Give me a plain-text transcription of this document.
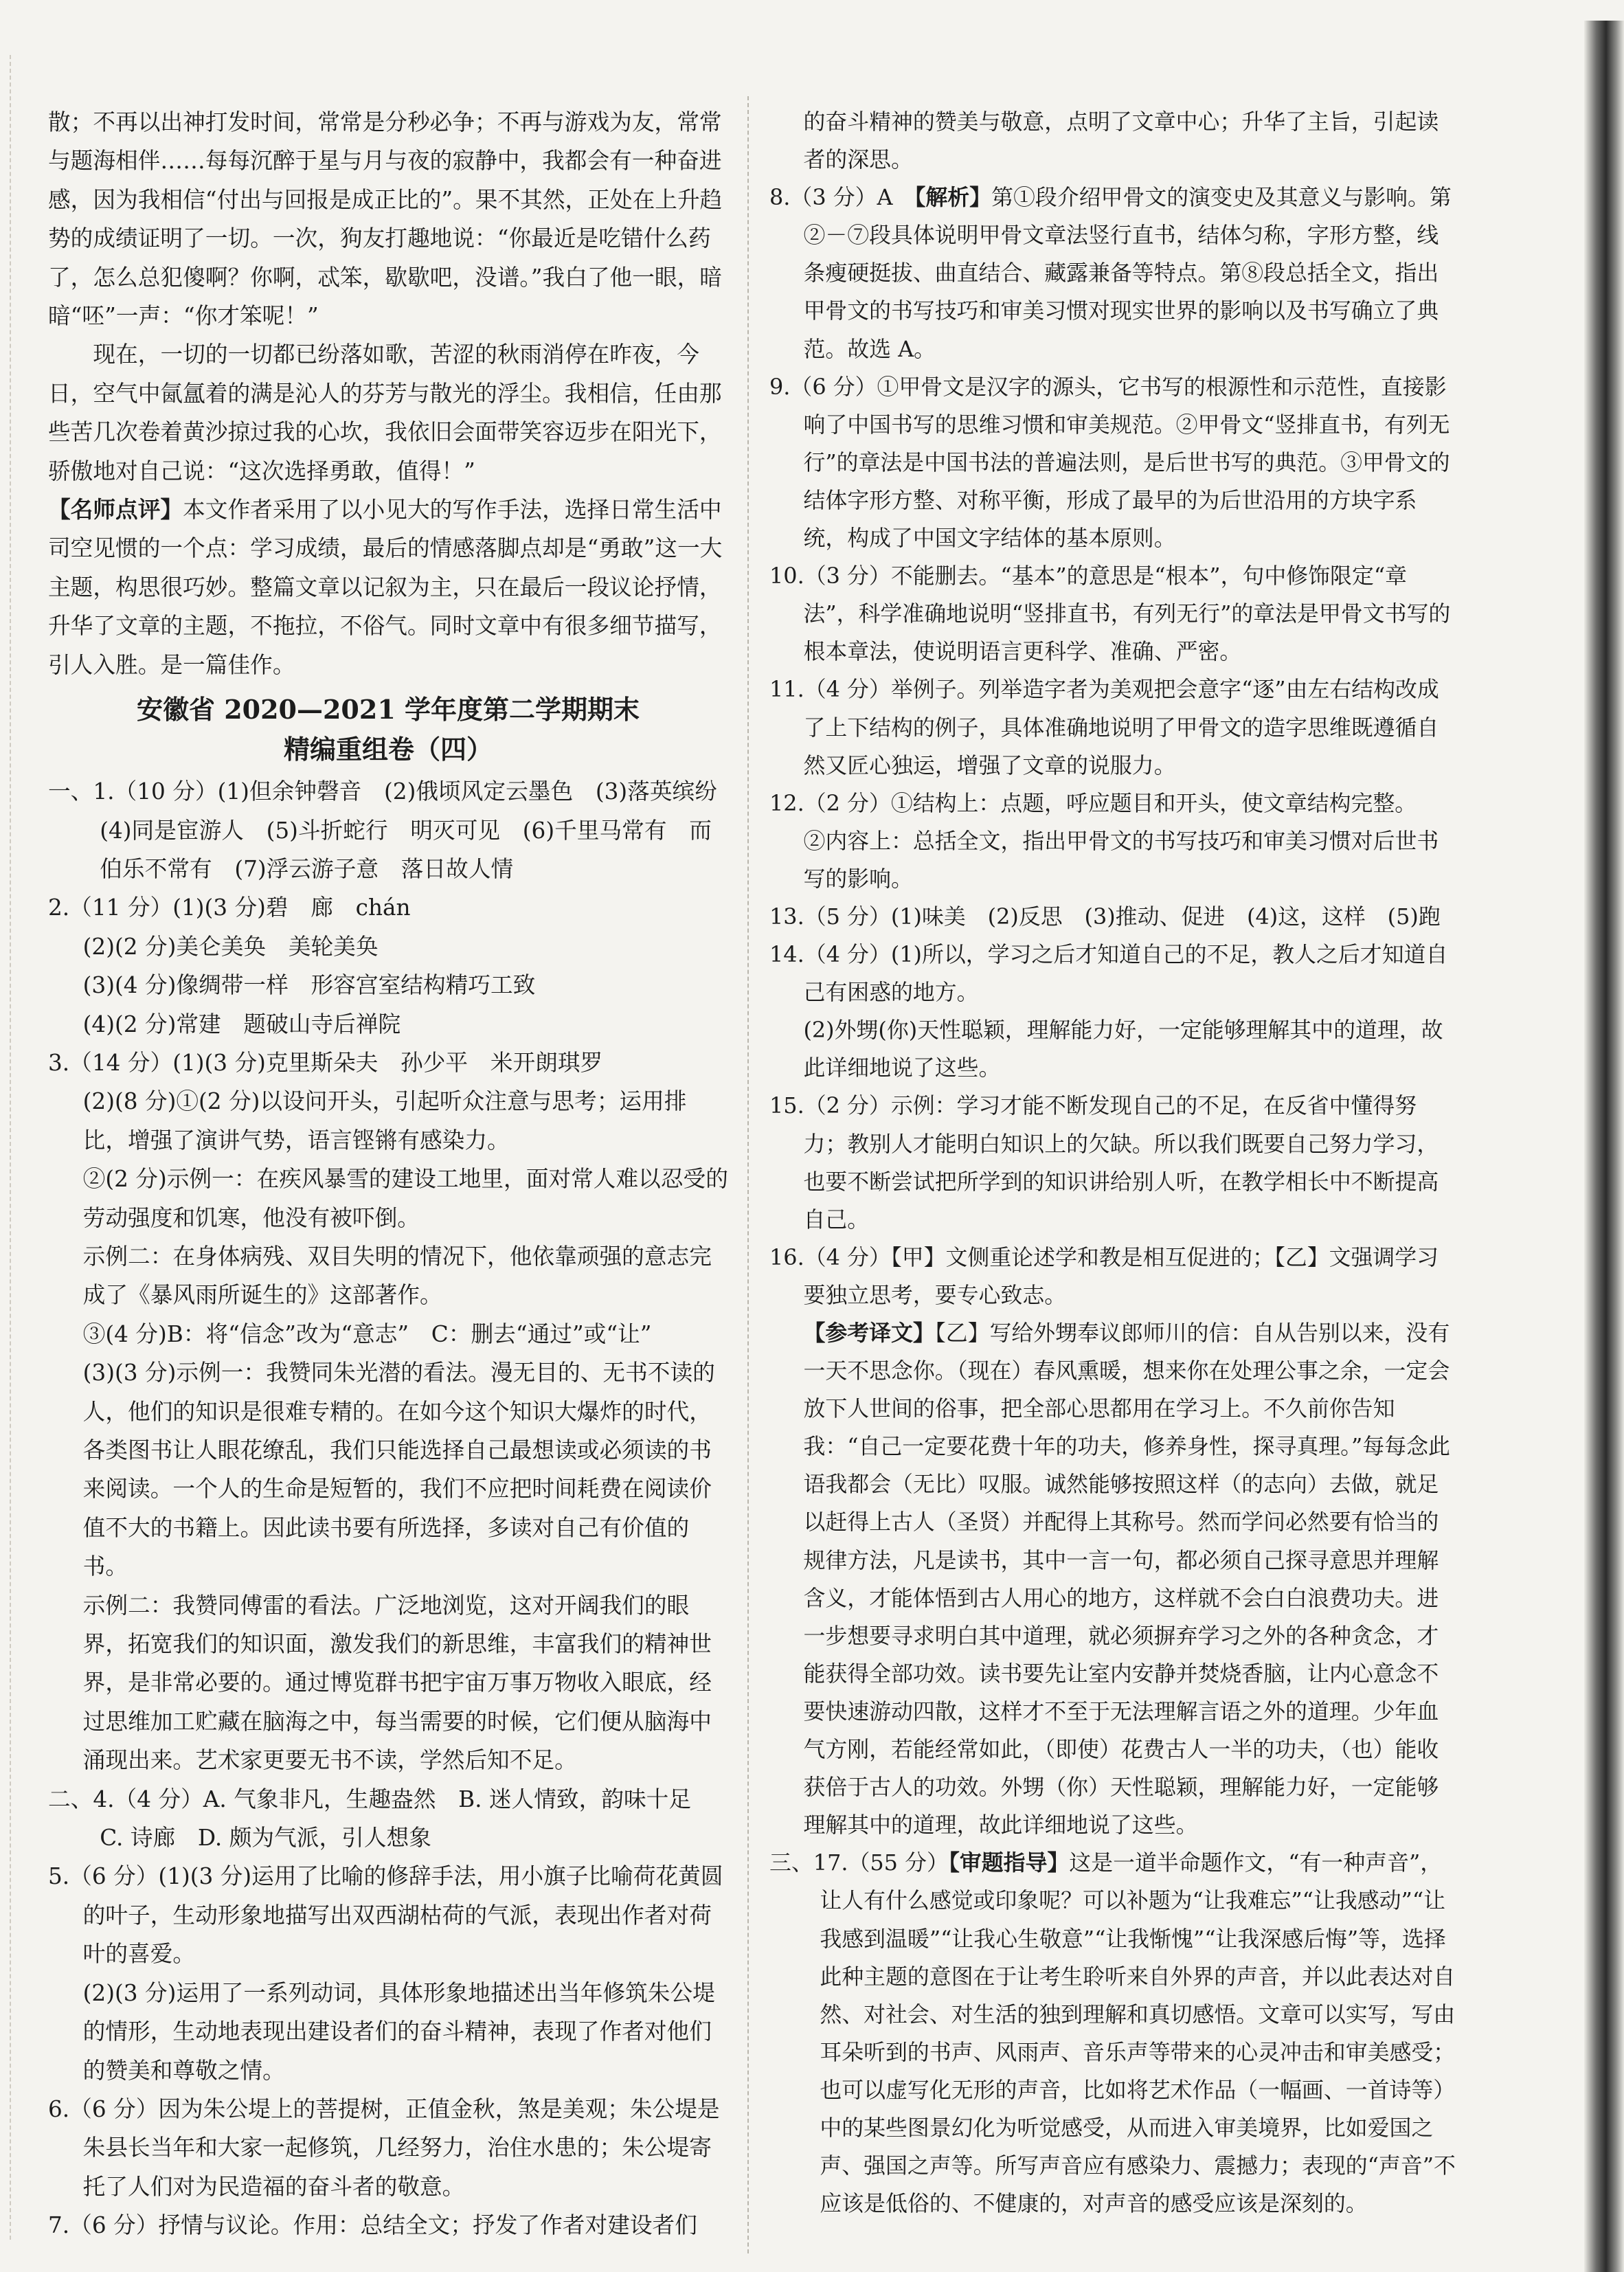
散；不再以出神打发时间，常常是分秒必争；不再与游戏为友，常常与题海相伴……每每沉醉于星与月与夜的寂静中，我都会有一种奋进感，因为我相信“付出与回报是成正比的”。果不其然，正处在上升趋势的成绩证明了一切。一次，狗友打趣地说：“你最近是吃错什么药了，怎么总犯傻啊？你啊，忒笨，歇歇吧，没谱。”我白了他一眼，暗暗“呸”一声：“你才笨呢！”

现在，一切的一切都已纷落如歌，苦涩的秋雨消停在昨夜，今日，空气中氤氲着的满是沁人的芬芳与散光的浮尘。我相信，任由那些苦几次卷着黄沙掠过我的心坎，我依旧会面带笑容迈步在阳光下，骄傲地对自己说：“这次选择勇敢，值得！”

【名师点评】本文作者采用了以小见大的写作手法，选择日常生活中司空见惯的一个点：学习成绩，最后的情感落脚点却是“勇敢”这一大主题，构思很巧妙。整篇文章以记叙为主，只在最后一段议论抒情，升华了文章的主题，不拖拉，不俗气。同时文章中有很多细节描写，引人入胜。是一篇佳作。

安徽省 2020—2021 学年度第二学期期末

精编重组卷（四）

一、1.（10 分）(1)但余钟磬音　(2)俄顷风定云墨色　(3)落英缤纷　(4)同是宦游人　(5)斗折蛇行　明灭可见　(6)千里马常有　而伯乐不常有　(7)浮云游子意　落日故人情

2.（11 分）(1)(3 分)碧　廊　chán

(2)(2 分)美仑美奂　美轮美奂

(3)(4 分)像绸带一样　形容宫室结构精巧工致

(4)(2 分)常建　题破山寺后禅院

3.（14 分）(1)(3 分)克里斯朵夫　孙少平　米开朗琪罗

(2)(8 分)①(2 分)以设问开头，引起听众注意与思考；运用排比，增强了演讲气势，语言铿锵有感染力。

②(2 分)示例一：在疾风暴雪的建设工地里，面对常人难以忍受的劳动强度和饥寒，他没有被吓倒。

示例二：在身体病残、双目失明的情况下，他依靠顽强的意志完成了《暴风雨所诞生的》这部著作。

③(4 分)B：将“信念”改为“意志”　C：删去“通过”或“让”

(3)(3 分)示例一：我赞同朱光潜的看法。漫无目的、无书不读的人，他们的知识是很难专精的。在如今这个知识大爆炸的时代，各类图书让人眼花缭乱，我们只能选择自己最想读或必须读的书来阅读。一个人的生命是短暂的，我们不应把时间耗费在阅读价值不大的书籍上。因此读书要有所选择，多读对自己有价值的书。

示例二：我赞同傅雷的看法。广泛地浏览，这对开阔我们的眼界，拓宽我们的知识面，激发我们的新思维，丰富我们的精神世界，是非常必要的。通过博览群书把宇宙万事万物收入眼底，经过思维加工贮藏在脑海之中，每当需要的时候，它们便从脑海中涌现出来。艺术家更要无书不读，学然后知不足。

二、4.（4 分）A. 气象非凡，生趣盎然　B. 迷人情致，韵味十足

C. 诗廊　D. 颇为气派，引人想象

5.（6 分）(1)(3 分)运用了比喻的修辞手法，用小旗子比喻荷花黄圆的叶子，生动形象地描写出双西湖枯荷的气派，表现出作者对荷叶的喜爱。

(2)(3 分)运用了一系列动词，具体形象地描述出当年修筑朱公堤的情形，生动地表现出建设者们的奋斗精神，表现了作者对他们的赞美和尊敬之情。

6.（6 分）因为朱公堤上的菩提树，正值金秋，煞是美观；朱公堤是朱县长当年和大家一起修筑，几经努力，治住水患的；朱公堤寄托了人们对为民造福的奋斗者的敬意。

7.（6 分）抒情与议论。作用：总结全文；抒发了作者对建设者们

的奋斗精神的赞美与敬意，点明了文章中心；升华了主旨，引起读者的深思。

8.（3 分）A　【解析】第①段介绍甲骨文的演变史及其意义与影响。第②－⑦段具体说明甲骨文章法竖行直书，结体匀称，字形方整，线条瘦硬挺拔、曲直结合、藏露兼备等特点。第⑧段总括全文，指出甲骨文的书写技巧和审美习惯对现实世界的影响以及书写确立了典范。故选 A。

9.（6 分）①甲骨文是汉字的源头，它书写的根源性和示范性，直接影响了中国书写的思维习惯和审美规范。②甲骨文“竖排直书，有列无行”的章法是中国书法的普遍法则，是后世书写的典范。③甲骨文的结体字形方整、对称平衡，形成了最早的为后世沿用的方块字系统，构成了中国文字结体的基本原则。

10.（3 分）不能删去。“基本”的意思是“根本”，句中修饰限定“章法”，科学准确地说明“竖排直书，有列无行”的章法是甲骨文书写的根本章法，使说明语言更科学、准确、严密。

11.（4 分）举例子。列举造字者为美观把会意字“逐”由左右结构改成了上下结构的例子，具体准确地说明了甲骨文的造字思维既遵循自然又匠心独运，增强了文章的说服力。

12.（2 分）①结构上：点题，呼应题目和开头，使文章结构完整。

②内容上：总括全文，指出甲骨文的书写技巧和审美习惯对后世书写的影响。

13.（5 分）(1)味美　(2)反思　(3)推动、促进　(4)这，这样　(5)跑

14.（4 分）(1)所以，学习之后才知道自己的不足，教人之后才知道自己有困惑的地方。

(2)外甥(你)天性聪颖，理解能力好，一定能够理解其中的道理，故此详细地说了这些。

15.（2 分）示例：学习才能不断发现自己的不足，在反省中懂得努力；教别人才能明白知识上的欠缺。所以我们既要自己努力学习，也要不断尝试把所学到的知识讲给别人听，在教学相长中不断提高自己。

16.（4 分）【甲】文侧重论述学和教是相互促进的；【乙】文强调学习要独立思考，要专心致志。

【参考译文】【乙】写给外甥奉议郎师川的信：自从告别以来，没有一天不思念你。（现在）春风熏暖，想来你在处理公事之余，一定会放下人世间的俗事，把全部心思都用在学习上。不久前你告知我：“自己一定要花费十年的功夫，修养身性，探寻真理。”每每念此语我都会（无比）叹服。诚然能够按照这样（的志向）去做，就足以赶得上古人（圣贤）并配得上其称号。然而学问必然要有恰当的规律方法，凡是读书，其中一言一句，都必须自己探寻意思并理解含义，才能体悟到古人用心的地方，这样就不会白白浪费功夫。进一步想要寻求明白其中道理，就必须摒弃学习之外的各种贪念，才能获得全部功效。读书要先让室内安静并焚烧香脑，让内心意念不要快速游动四散，这样才不至于无法理解言语之外的道理。少年血气方刚，若能经常如此，（即使）花费古人一半的功夫，（也）能收获倍于古人的功效。外甥（你）天性聪颖，理解能力好，一定能够理解其中的道理，故此详细地说了这些。

三、17.（55 分）【审题指导】这是一道半命题作文，“有一种声音”，让人有什么感觉或印象呢？可以补题为“让我难忘”“让我感动”“让我感到温暖”“让我心生敬意”“让我惭愧”“让我深感后悔”等，选择此种主题的意图在于让考生聆听来自外界的声音，并以此表达对自然、对社会、对生活的独到理解和真切感悟。文章可以实写，写由耳朵听到的书声、风雨声、音乐声等带来的心灵冲击和审美感受；也可以虚写化无形的声音，比如将艺术作品（一幅画、一首诗等）中的某些图景幻化为听觉感受，从而进入审美境界，比如爱国之声、强国之声等。所写声音应有感染力、震撼力；表现的“声音”不应该是低俗的、不健康的，对声音的感受应该是深刻的。
